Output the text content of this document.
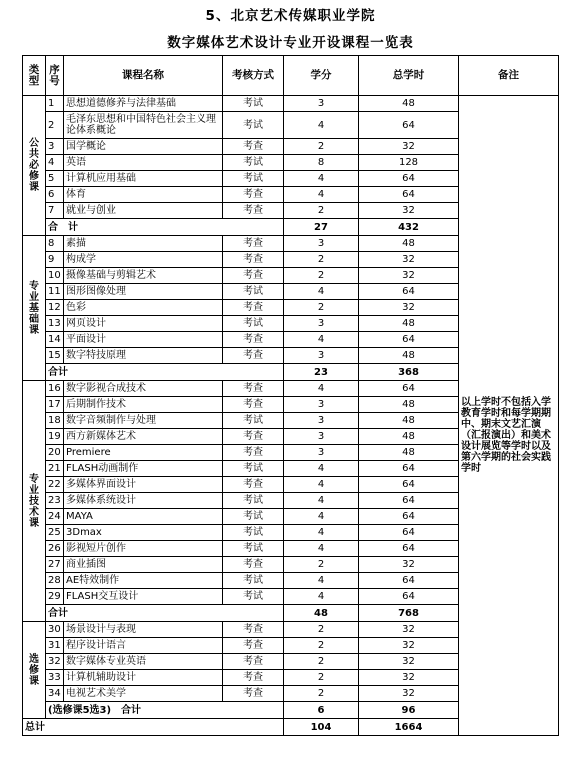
5、北京艺术传媒职业学院
数字媒体艺术设计专业开设课程一览表
类型	序号	课程名称	考核方式	学分	总学时	备注
公共必修课	1	思想道德修养与法律基础	考试	3	48	以上学时不包括入学教育学时和每学期期中、期末文艺汇演（汇报演出）和美术设计展览等学时以及第六学期的社会实践学时
	2	毛泽东思想和中国特色社会主义理论体系概论	考试	4	64	
	3	国学概论	考查	2	32	
	4	英语	考试	8	128	
	5	计算机应用基础	考试	4	64	
	6	体育	考查	4	64	
	7	就业与创业	考查	2	32	
	合　计			27	432	
专业基础课	8	素描	考查	3	48	
	9	构成学	考查	2	32	
	10	摄像基础与剪辑艺术	考查	2	32	
	11	图形图像处理	考试	4	64	
	12	色彩	考查	2	32	
	13	网页设计	考试	3	48	
	14	平面设计	考查	4	64	
	15	数字特技原理	考查	3	48	
	合计			23	368	
专业技术课	16	数字影视合成技术	考查	4	64	
	17	后期制作技术	考查	3	48	
	18	数字音频制作与处理	考试	3	48	
	19	西方新媒体艺术	考查	3	48	
	20	Premiere	考查	3	48	
	21	FLASH动画制作	考试	4	64	
	22	多媒体界面设计	考查	4	64	
	23	多媒体系统设计	考试	4	64	
	24	MAYA	考试	4	64	
	25	3Dmax	考试	4	64	
	26	影视短片创作	考试	4	64	
	27	商业插图	考查	2	32	
	28	AE特效制作	考试	4	64	
	29	FLASH交互设计	考试	4	64	
	合计			48	768	
选修课	30	场景设计与表现	考查	2	32	
	31	程序设计语言	考查	2	32	
	32	数字媒体专业英语	考查	2	32	
	33	计算机辅助设计	考查	2	32	
	34	电视艺术美学	考查	2	32	
	(选修课5选3)　合计			6	96	
总计				104	1664	
